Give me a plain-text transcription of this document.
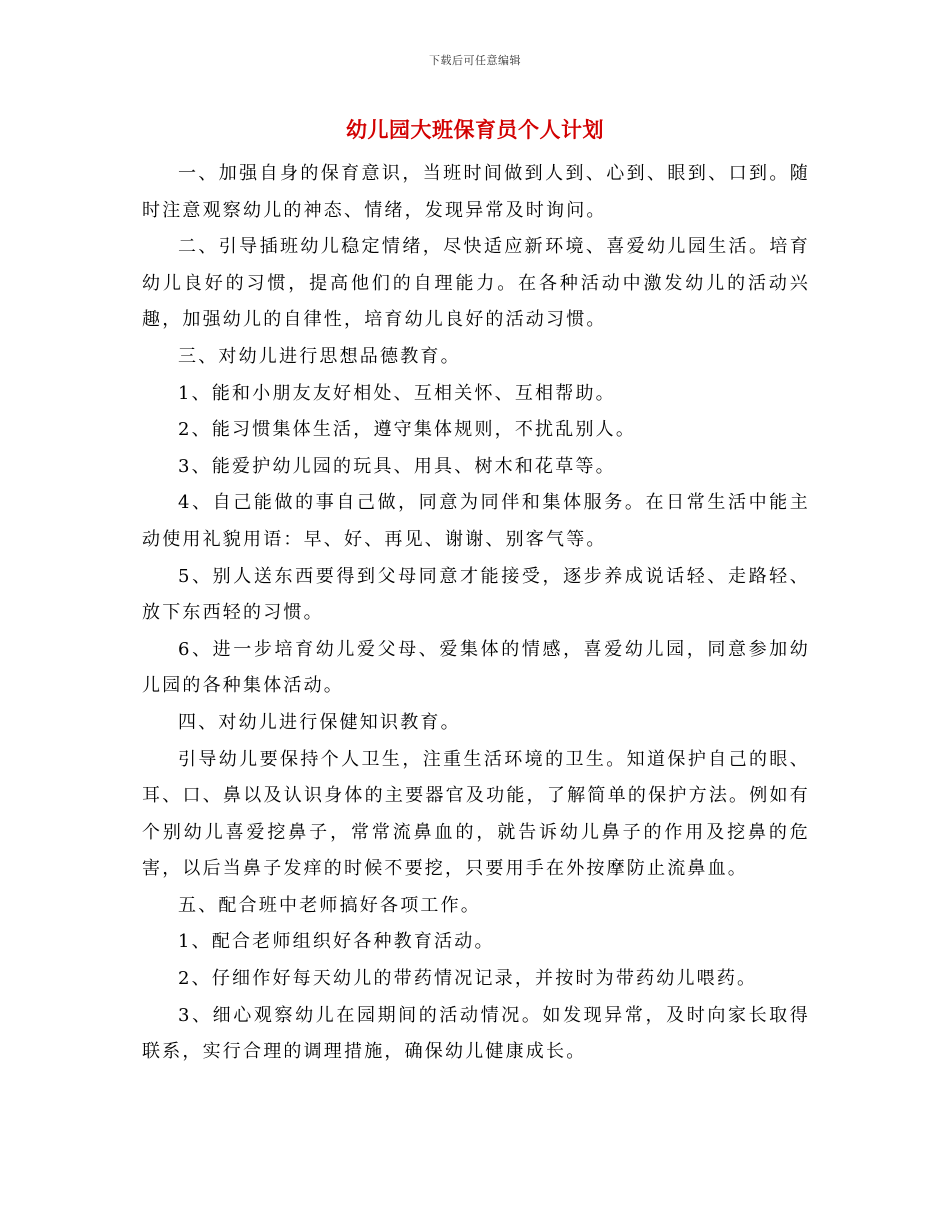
下载后可任意编辑
幼儿园大班保育员个人计划

一、加强自身的保育意识，当班时间做到人到、心到、眼到、口到。随时注意观察幼儿的神态、情绪，发现异常及时询问。

二、引导插班幼儿稳定情绪，尽快适应新环境、喜爱幼儿园生活。培育幼儿良好的习惯，提高他们的自理能力。在各种活动中激发幼儿的活动兴趣，加强幼儿的自律性，培育幼儿良好的活动习惯。

三、对幼儿进行思想品德教育。

1、能和小朋友友好相处、互相关怀、互相帮助。

2、能习惯集体生活，遵守集体规则，不扰乱别人。

3、能爱护幼儿园的玩具、用具、树木和花草等。

4、自己能做的事自己做，同意为同伴和集体服务。在日常生活中能主动使用礼貌用语：早、好、再见、谢谢、别客气等。

5、别人送东西要得到父母同意才能接受，逐步养成说话轻、走路轻、放下东西轻的习惯。

6、进一步培育幼儿爱父母、爱集体的情感，喜爱幼儿园，同意参加幼儿园的各种集体活动。

四、对幼儿进行保健知识教育。

引导幼儿要保持个人卫生，注重生活环境的卫生。知道保护自己的眼、耳、口、鼻以及认识身体的主要器官及功能，了解简单的保护方法。例如有个别幼儿喜爱挖鼻子，常常流鼻血的，就告诉幼儿鼻子的作用及挖鼻的危害，以后当鼻子发痒的时候不要挖，只要用手在外按摩防止流鼻血。

五、配合班中老师搞好各项工作。

1、配合老师组织好各种教育活动。

2、仔细作好每天幼儿的带药情况记录，并按时为带药幼儿喂药。

3、细心观察幼儿在园期间的活动情况。如发现异常，及时向家长取得联系，实行合理的调理措施，确保幼儿健康成长。
